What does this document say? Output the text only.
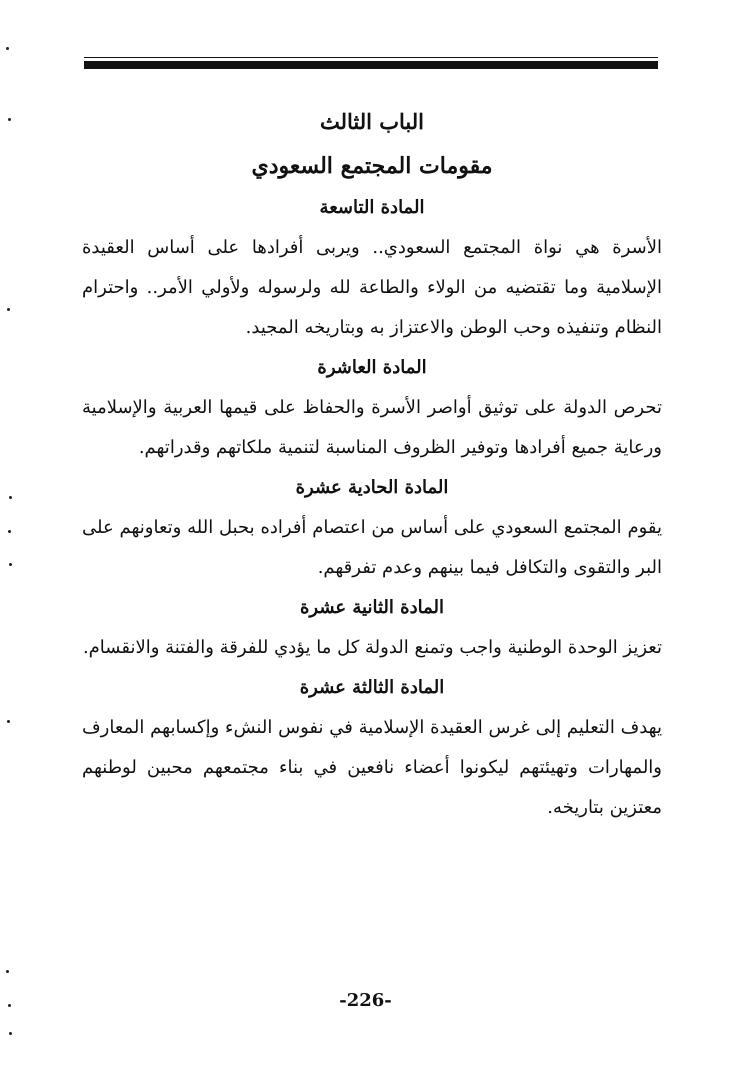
الباب الثالث
مقومات المجتمع السعودي
المادة التاسعة

الأسرة هي نواة المجتمع السعودي.. ويربى أفرادها على أساس العقيدة الإسلامية وما تقتضيه من الولاء والطاعة لله ولرسوله ولأولي الأمر.. واحترام النظام وتنفيذه وحب الوطن والاعتزاز به وبتاريخه المجيد.

المادة العاشرة

تحرص الدولة على توثيق أواصر الأسرة والحفاظ على قيمها العربية والإسلامية ورعاية جميع أفرادها وتوفير الظروف المناسبة لتنمية ملكاتهم وقدراتهم.

المادة الحادية عشرة

يقوم المجتمع السعودي على أساس من اعتصام أفراده بحبل الله وتعاونهم على البر والتقوى والتكافل فيما بينهم وعدم تفرقهم.

المادة الثانية عشرة

تعزيز الوحدة الوطنية واجب وتمنع الدولة كل ما يؤدي للفرقة والفتنة والانقسام.

المادة الثالثة عشرة

يهدف التعليم إلى غرس العقيدة الإسلامية في نفوس النشء وإكسابهم المعارف والمهارات وتهيئتهم ليكونوا أعضاء نافعين في بناء مجتمعهم محبين لوطنهم معتزين بتاريخه.

-226-
